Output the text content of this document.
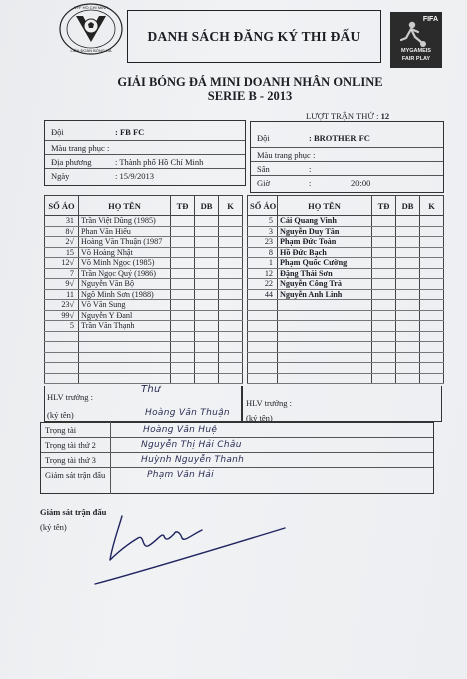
VFF HỒ CHÍ MINH
LIÊN ĐOÀN BÓNG ĐÁ
DANH SÁCH ĐĂNG KÝ THI ĐẤU
FIFA
MYGAMEIS
FAIR PLAY
GIẢI BÓNG ĐÁ MINI DOANH NHÂN ONLINE
SERIE B - 2013
LƯỢT TRẬN THỨ : 12
Đội	: FB FC
Màu trang phục :
Địa phương	: Thành phố Hồ Chí Minh
Ngày	: 15/9/2013
Đội	: BROTHER FC
Màu trang phục :
Sân	:
Giờ	:	20:00
SỐ ÁO	HỌ TÊN	TĐ	DB	K
31	Trần Việt Dũng (1985)			
8√	Phan Văn Hiếu			
2√	Hoàng Văn Thuận (1987			
15	Võ Hoàng Nhật			
12√	Võ Minh Ngọc (1985)			
7	Trần Ngọc Quý (1986)			
9√	Nguyễn Văn Bộ			
11	Ngô Minh Sơn (1988)			
23√	Võ Văn Sung			
99√	Nguyễn Y Đanl			
5	Trần Văn Thạnh			

SỐ ÁO	HỌ TÊN	TĐ	DB	K
5	Cái Quang Vinh			
3	Nguyễn Duy Tân			
23	Phạm Đức Toàn			
8	Hồ Đức Bạch			
1	Phạm Quốc Cường			
12	Đặng Thái Sơn			
22	Nguyễn Công Trà			
44	Nguyễn Anh Linh			

HLV trưởng :
(ký tên)
Thư
Hoàng Văn Thuận
HLV trưởng :
(ký tên)
Trọng tài	Hoàng Văn Huệ
Trọng tài thứ 2	Nguyễn Thị Hải Châu
Trọng tài thứ 3	Huỳnh Nguyễn Thanh
Giám sát trận đấu	Phạm Văn Hải
Giám sát trận đấu
(ký tên)
